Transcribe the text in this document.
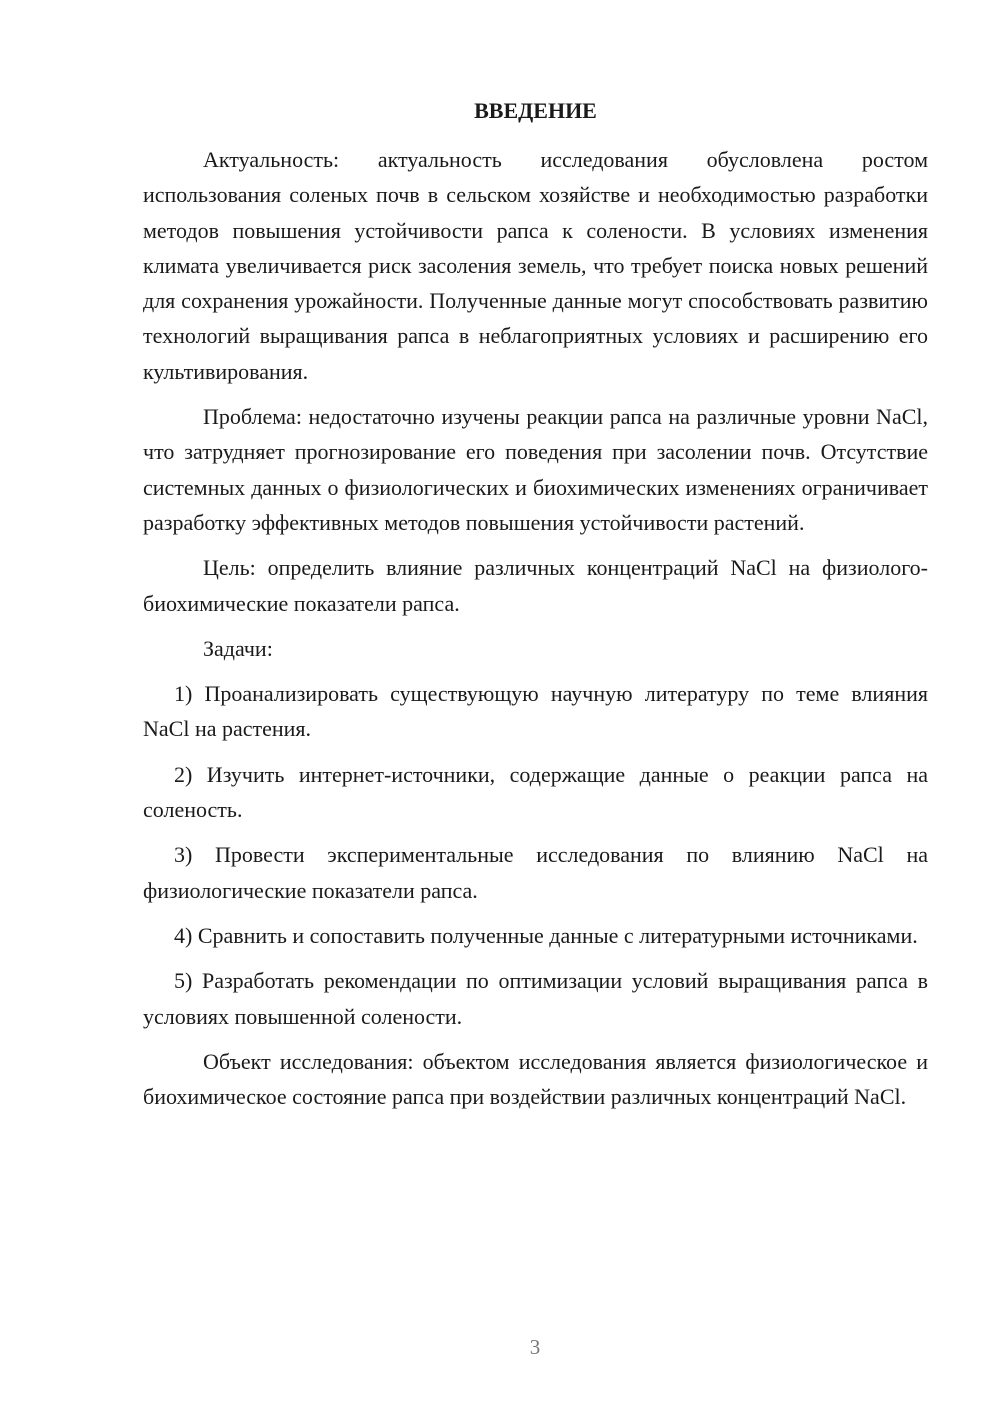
ВВЕДЕНИЕ

Актуальность: актуальность исследования обусловлена ростом использования соленых почв в сельском хозяйстве и необходимостью разработки методов повышения устойчивости рапса к солености. В условиях изменения климата увеличивается риск засоления земель, что требует поиска новых решений для сохранения урожайности. Полученные данные могут способствовать развитию технологий выращивания рапса в неблагоприятных условиях и расширению его культивирования.

Проблема: недостаточно изучены реакции рапса на различные уровни NaCl, что затрудняет прогнозирование его поведения при засолении почв. Отсутствие системных данных о физиологических и биохимических изменениях ограничивает разработку эффективных методов повышения устойчивости растений.

Цель: определить влияние различных концентраций NaCl на физиолого-биохимические показатели рапса.

Задачи:

1) Проанализировать существующую научную литературу по теме влияния NaCl на растения.

2) Изучить интернет-источники, содержащие данные о реакции рапса на соленость.

3) Провести экспериментальные исследования по влиянию NaCl на физиологические показатели рапса.

4) Сравнить и сопоставить полученные данные с литературными источниками.

5) Разработать рекомендации по оптимизации условий выращивания рапса в условиях повышенной солености.

Объект исследования: объектом исследования является физиологическое и биохимическое состояние рапса при воздействии различных концентраций NaCl.

3
